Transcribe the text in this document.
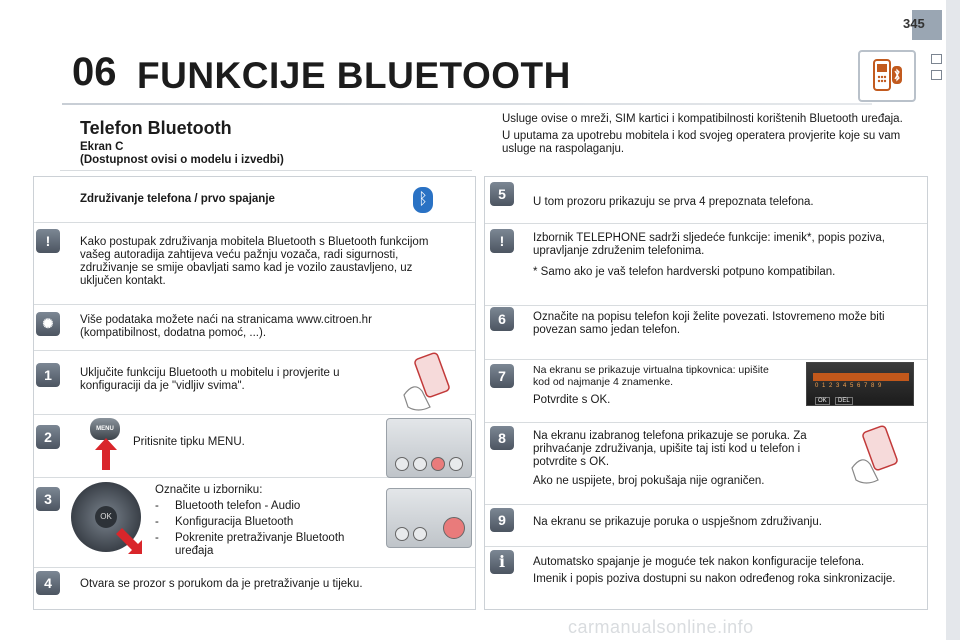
345
06 FUNKCIJE BLUETOOTH
Telefon Bluetooth
Ekran C
(Dostupnost ovisi o modelu i izvedbi)

Usluge ovise o mreži, SIM kartici i kompatibilnosti korištenih Bluetooth uređaja.

U uputama za upotrebu mobitela i kod svojeg operatera provjerite koje su vam usluge na raspolaganju.

Združivanje telefona / prvo spajanje	ᛒ
!	Kako postupak združivanja mobitela Bluetooth s Bluetooth funkcijom vašeg autoradija zahtijeva veću pažnju vozača, radi sigurnosti, združivanje se smije obavljati samo kad je vozilo zaustavljeno, uz uključen kontakt.
✺	Više podataka možete naći na stranicama www.citroen.hr (kompatibilnost, dodatna pomoć, ...).
1	Uključite funkciju Bluetooth u mobitelu i provjerite u konfiguraciji da je "vidljiv svima".
2	MENU
Pritisnite tipku MENU.
3
OK

Označite u izborniku:

- Bluetooth telefon - Audio
- Konfiguracija Bluetooth
- Pokrenite pretraživanje Bluetooth uređaja
4	Otvara se prozor s porukom da je pretraživanje u tijeku.
5	U tom prozoru prikazuju se prva 4 prepoznata telefona.
!	Izbornik TELEPHONE sadrži sljedeće funkcije: imenik*, popis poziva, upravljanje združenim telefonima.

* Samo ako je vaš telefon hardverski potpuno kompatibilan.

6	Označite na popisu telefon koji želite povezati. Istovremeno može biti povezan samo jedan telefon.
7	Na ekranu se prikazuje virtualna tipkovnica: upišite kod od najmanje 4 znamenke.

Potvrdite s OK.

0 1 2 3 4 5 6 7 8 9
OK	DEL
8	Na ekranu izabranog telefona prikazuje se poruka. Za prihvaćanje združivanja, upišite taj isti kod u telefon i potvrdite s OK.

Ako ne uspijete, broj pokušaja nije ograničen.

9	Na ekranu se prikazuje poruka o uspješnom združivanju.
i	Automatsko spajanje je moguće tek nakon konfiguracije telefona.

Imenik i popis poziva dostupni su nakon određenog roka sinkronizacije.

carmanualsonline.info
